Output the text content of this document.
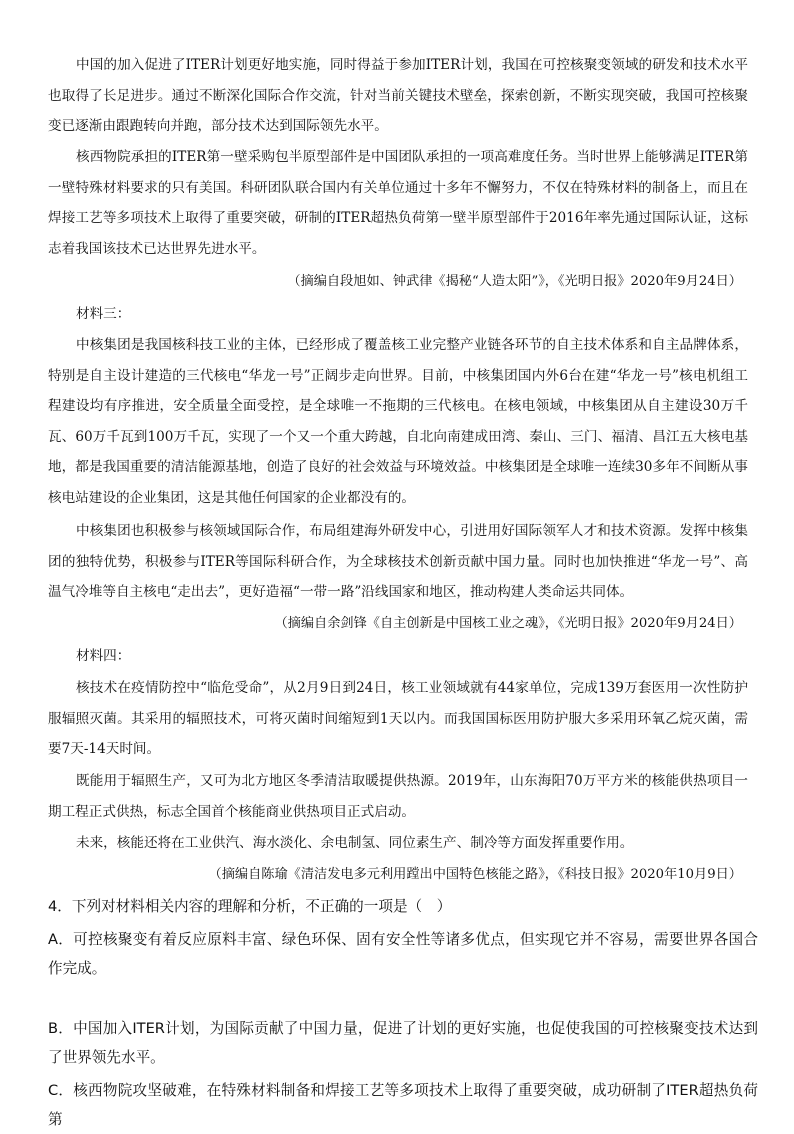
中国的加入促进了ITER计划更好地实施，同时得益于参加ITER计划，我国在可控核聚变领域的研发和技术水平也取得了长足进步。通过不断深化国际合作交流，针对当前关键技术壁垒，探索创新，不断实现突破，我国可控核聚变已逐渐由跟跑转向并跑，部分技术达到国际领先水平。

核西物院承担的ITER第一壁采购包半原型部件是中国团队承担的一项高难度任务。当时世界上能够满足ITER第一壁特殊材料要求的只有美国。科研团队联合国内有关单位通过十多年不懈努力，不仅在特殊材料的制备上，而且在焊接工艺等多项技术上取得了重要突破，研制的ITER超热负荷第一壁半原型部件于2016年率先通过国际认证，这标志着我国该技术已达世界先进水平。

（摘编自段旭如、钟武律《揭秘“人造太阳”》，《光明日报》2020年9月24日）
材料三：

中核集团是我国核科技工业的主体，已经形成了覆盖核工业完整产业链各环节的自主技术体系和自主品牌体系，特别是自主设计建造的三代核电“华龙一号”正阔步走向世界。目前，中核集团国内外6台在建“华龙一号”核电机组工程建设均有序推进，安全质量全面受控，是全球唯一不拖期的三代核电。在核电领域，中核集团从自主建设30万千瓦、60万千瓦到100万千瓦，实现了一个又一个重大跨越，自北向南建成田湾、秦山、三门、福清、昌江五大核电基地，都是我国重要的清洁能源基地，创造了良好的社会效益与环境效益。中核集团是全球唯一连续30多年不间断从事核电站建设的企业集团，这是其他任何国家的企业都没有的。

中核集团也积极参与核领域国际合作，布局组建海外研发中心，引进用好国际领军人才和技术资源。发挥中核集团的独特优势，积极参与ITER等国际科研合作，为全球核技术创新贡献中国力量。同时也加快推进“华龙一号”、高温气冷堆等自主核电“走出去”，更好造福“一带一路”沿线国家和地区，推动构建人类命运共同体。

（摘编自余剑锋《自主创新是中国核工业之魂》，《光明日报》2020年9月24日）
材料四：

核技术在疫情防控中“临危受命”，从2月9日到24日，核工业领域就有44家单位，完成139万套医用一次性防护服辐照灭菌。其采用的辐照技术，可将灭菌时间缩短到1天以内。而我国国标医用防护服大多采用环氧乙烷灭菌，需要7天-14天时间。

既能用于辐照生产，又可为北方地区冬季清洁取暖提供热源。2019年，山东海阳70万平方米的核能供热项目一期工程正式供热，标志全国首个核能商业供热项目正式启动。

未来，核能还将在工业供汽、海水淡化、余电制氢、同位素生产、制冷等方面发挥重要作用。

（摘编自陈瑜《清洁发电多元利用蹚出中国特色核能之路》，《科技日报》2020年10月9日）

4．下列对材料相关内容的理解和分析，不正确的一项是（　）

A．可控核聚变有着反应原料丰富、绿色环保、固有安全性等诸多优点，但实现它并不容易，需要世界各国合作完成。

B．中国加入ITER计划，为国际贡献了中国力量，促进了计划的更好实施，也促使我国的可控核聚变技术达到了世界领先水平。

C．核西物院攻坚破难，在特殊材料制备和焊接工艺等多项技术上取得了重要突破，成功研制了ITER超热负荷第
